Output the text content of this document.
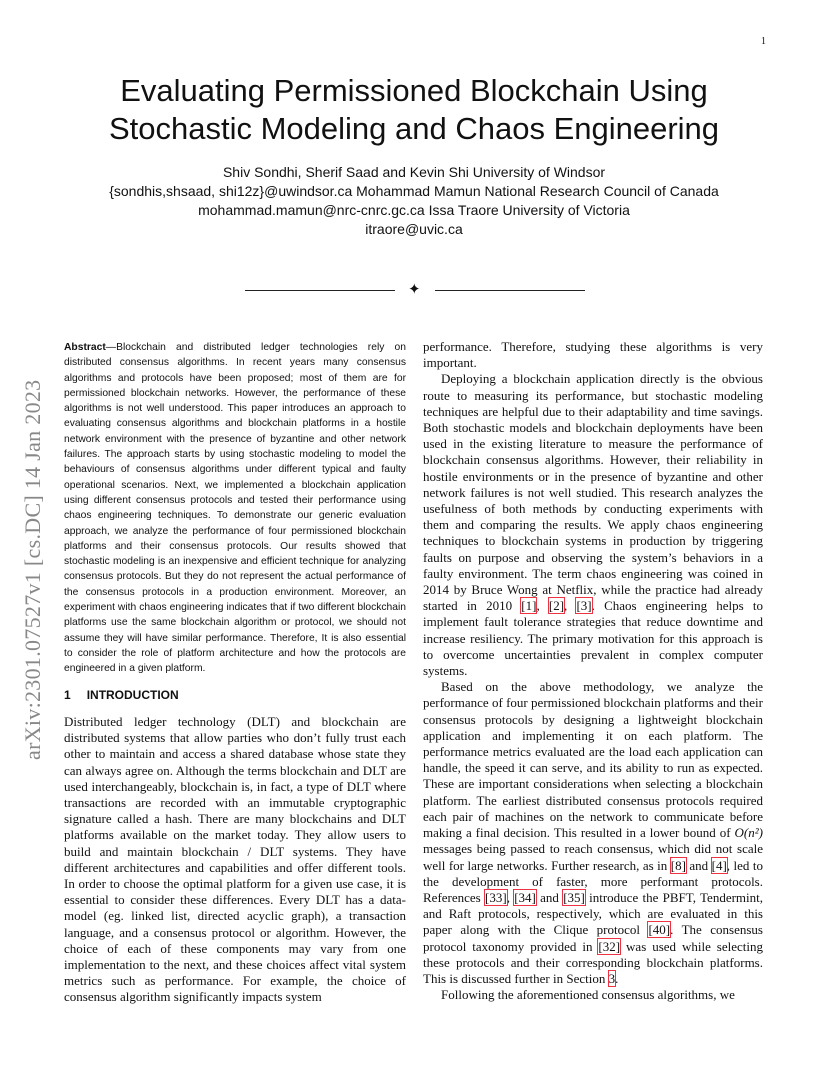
1
arXiv:2301.07527v1 [cs.DC] 14 Jan 2023
Evaluating Permissioned Blockchain Using Stochastic Modeling and Chaos Engineering
Shiv Sondhi, Sherif Saad and Kevin Shi University of Windsor
{sondhis,shsaad, shi12z}@uwindsor.ca Mohammad Mamun National Research Council of Canada
mohammad.mamun@nrc-cnrc.gc.ca Issa Traore University of Victoria
itraore@uvic.ca
✦

Abstract—Blockchain and distributed ledger technologies rely on distributed consensus algorithms. In recent years many consensus algorithms and protocols have been proposed; most of them are for permissioned blockchain networks. However, the performance of these algorithms is not well understood. This paper introduces an approach to evaluating consensus algorithms and blockchain platforms in a hostile network environment with the presence of byzantine and other network failures. The approach starts by using stochastic modeling to model the behaviours of consensus algorithms under different typical and faulty operational scenarios. Next, we implemented a blockchain application using different consensus protocols and tested their performance using chaos engineering techniques. To demonstrate our generic evaluation approach, we analyze the performance of four permissioned blockchain platforms and their consensus protocols. Our results showed that stochastic modeling is an inexpensive and efficient technique for analyzing consensus protocols. But they do not represent the actual performance of the consensus protocols in a production environment. Moreover, an experiment with chaos engineering indicates that if two different blockchain platforms use the same blockchain algorithm or protocol, we should not assume they will have similar performance. Therefore, It is also essential to consider the role of platform architecture and how the protocols are engineered in a given platform.

1 INTRODUCTION

Distributed ledger technology (DLT) and blockchain are distributed systems that allow parties who don’t fully trust each other to maintain and access a shared database whose state they can always agree on. Although the terms blockchain and DLT are used interchangeably, blockchain is, in fact, a type of DLT where transactions are recorded with an immutable cryptographic signature called a hash. There are many blockchains and DLT platforms available on the market today. They allow users to build and maintain blockchain / DLT systems. They have different architectures and capabilities and offer different tools. In order to choose the optimal platform for a given use case, it is essential to consider these differences. Every DLT has a data-model (eg. linked list, directed acyclic graph), a transaction language, and a consensus protocol or algorithm. However, the choice of each of these components may vary from one implementation to the next, and these choices affect vital system metrics such as performance. For example, the choice of consensus algorithm significantly impacts system

performance. Therefore, studying these algorithms is very important.

Deploying a blockchain application directly is the obvious route to measuring its performance, but stochastic modeling techniques are helpful due to their adaptability and time savings. Both stochastic models and blockchain deployments have been used in the existing literature to measure the performance of blockchain consensus algorithms. However, their reliability in hostile environments or in the presence of byzantine and other network failures is not well studied. This research analyzes the usefulness of both methods by conducting experiments with them and comparing the results. We apply chaos engineering techniques to blockchain systems in production by triggering faults on purpose and observing the system’s behaviors in a faulty environment. The term chaos engineering was coined in 2014 by Bruce Wong at Netflix, while the practice had already started in 2010 [1], [2], [3]. Chaos engineering helps to implement fault tolerance strategies that reduce downtime and increase resiliency. The primary motivation for this approach is to overcome uncertainties prevalent in complex computer systems.

Based on the above methodology, we analyze the performance of four permissioned blockchain platforms and their consensus protocols by designing a lightweight blockchain application and implementing it on each platform. The performance metrics evaluated are the load each application can handle, the speed it can serve, and its ability to run as expected. These are important considerations when selecting a blockchain platform. The earliest distributed consensus protocols required each pair of machines on the network to communicate before making a final decision. This resulted in a lower bound of O(n²) messages being passed to reach consensus, which did not scale well for large networks. Further research, as in [8] and [4], led to the development of faster, more performant protocols. References [33], [34] and [35] introduce the PBFT, Tendermint, and Raft protocols, respectively, which are evaluated in this paper along with the Clique protocol [40]. The consensus protocol taxonomy provided in [32] was used while selecting these protocols and their corresponding blockchain platforms. This is discussed further in Section 3.

Following the aforementioned consensus algorithms, we
